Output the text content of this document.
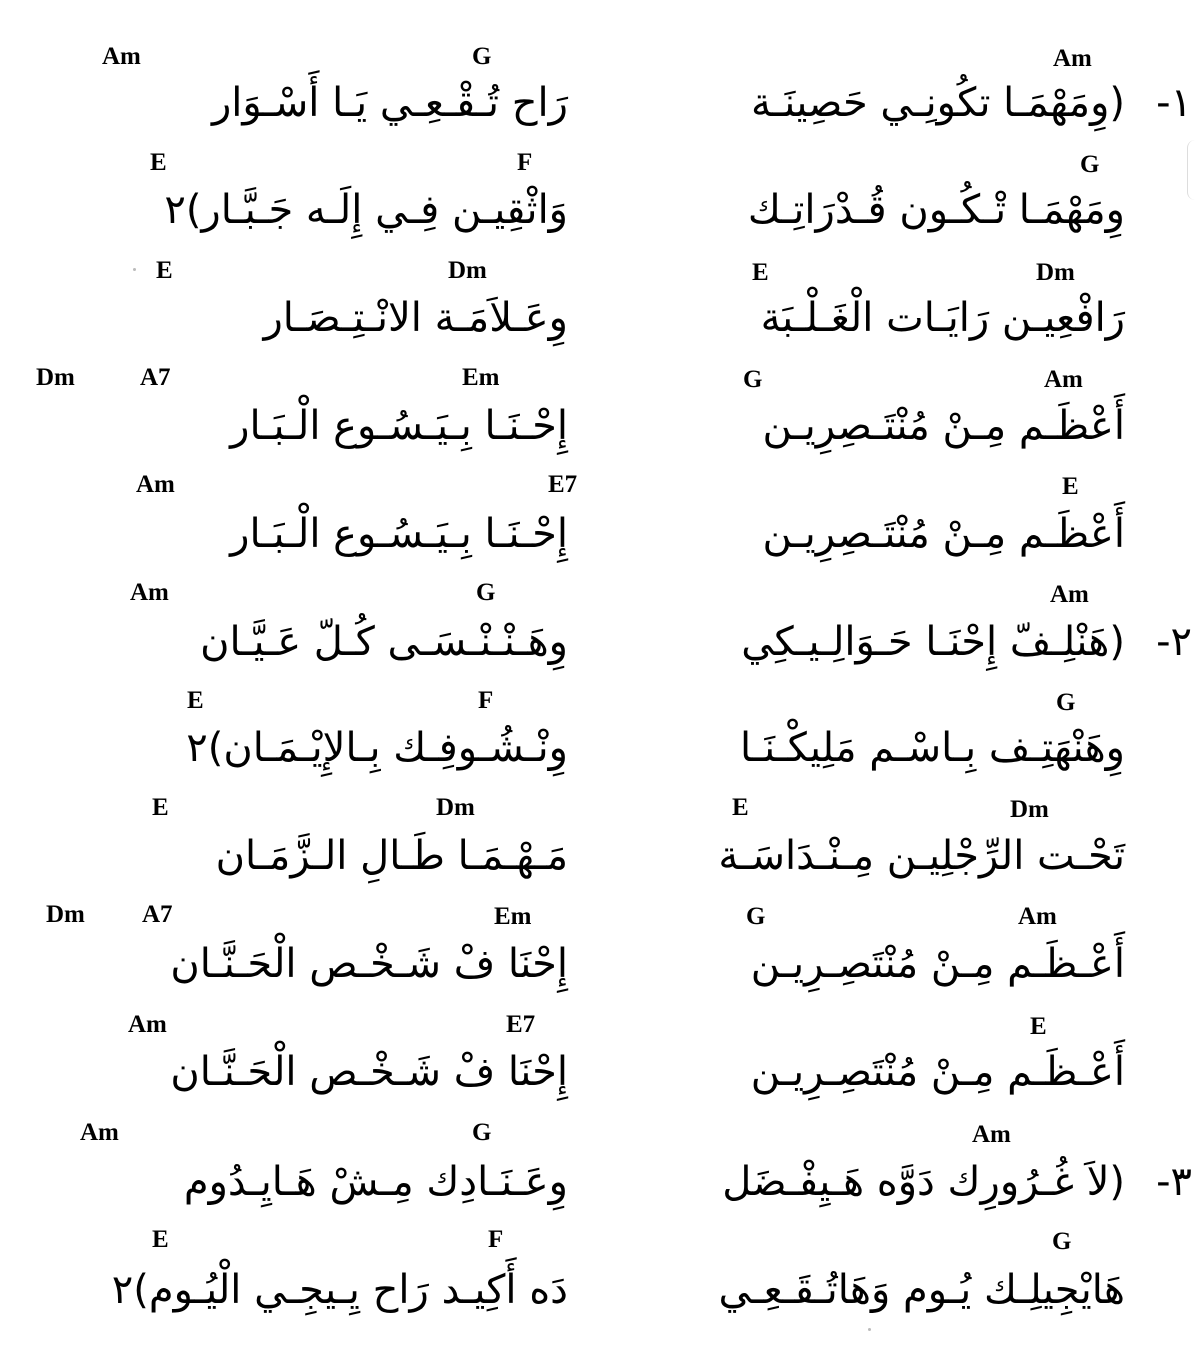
Am	G	Am
رَاح تُـقْـعِـي يَـا أَسْـوَار	(وِمَهْمَـا تكُونِـي حَصِينَـة ١-
E	F	G
وَاثْقِيـن فِـي إِلَـه جَـبَّـار)٢	وِمَهْمَـا تْـكُـون قُـدْرَاتِـك
E	Dm	E	Dm
وِعَـلاَمَـة الانْـتِـصَـار	رَافْعِيـن رَايَـات الْغَـلْـبَة
Dm	A7	Em	G	Am
إِحْـنَـا بِـيَـسُـوع الْـبَـار	أَعْظَـم مِـنْ مُنْتَـصِرِيـن
Am	E7	E
إِحْـنَـا بِـيَـسُـوع الْـبَـار	أَعْظَـم مِـنْ مُنْتَـصِرِيـن
Am	G	Am
وِهَـنْـنْـسَـى كُـلّ عَـيَّـان	(هَنْلِـفّ إِحْنَـا حَـوَالِـيـكِي ٢-
E	F	G
وِنْـشُـوفِـك بِـالإِيْـمَـان)٢	وِهَنْهَتِـف بِـاسْـم مَلِيكْـنَـا
E	Dm	E	Dm
مَـهْـمَـا طَـالِ الـزَّمَـان	تَحْـت الرِّجْلِيـن مِـنْـدَاسَـة
Dm A7	Em	G	Am
إِحْنَا فْ شَـخْـص الْحَـنَّـان	أَعْـظَـم مِـنْ مُنْتَصِـرِيـن
Am	E7	E
إِحْنَا فْ شَـخْـص الْحَـنَّـان	أَعْـظَـم مِـنْ مُنْتَصِـرِيـن
Am	G	Am
وِعَـنَـادِك مِـشْ هَـايِـدُوم	(لاَ غُـرُورِك دَوَّه هَـيِفْـضَل ٣-
E	F	G
دَه أَكِيـد رَاح يِـيجِـي الْيُـوم)٢	هَايْجِيلِـك يُـوم وَهَاتُـقَـعِـي
